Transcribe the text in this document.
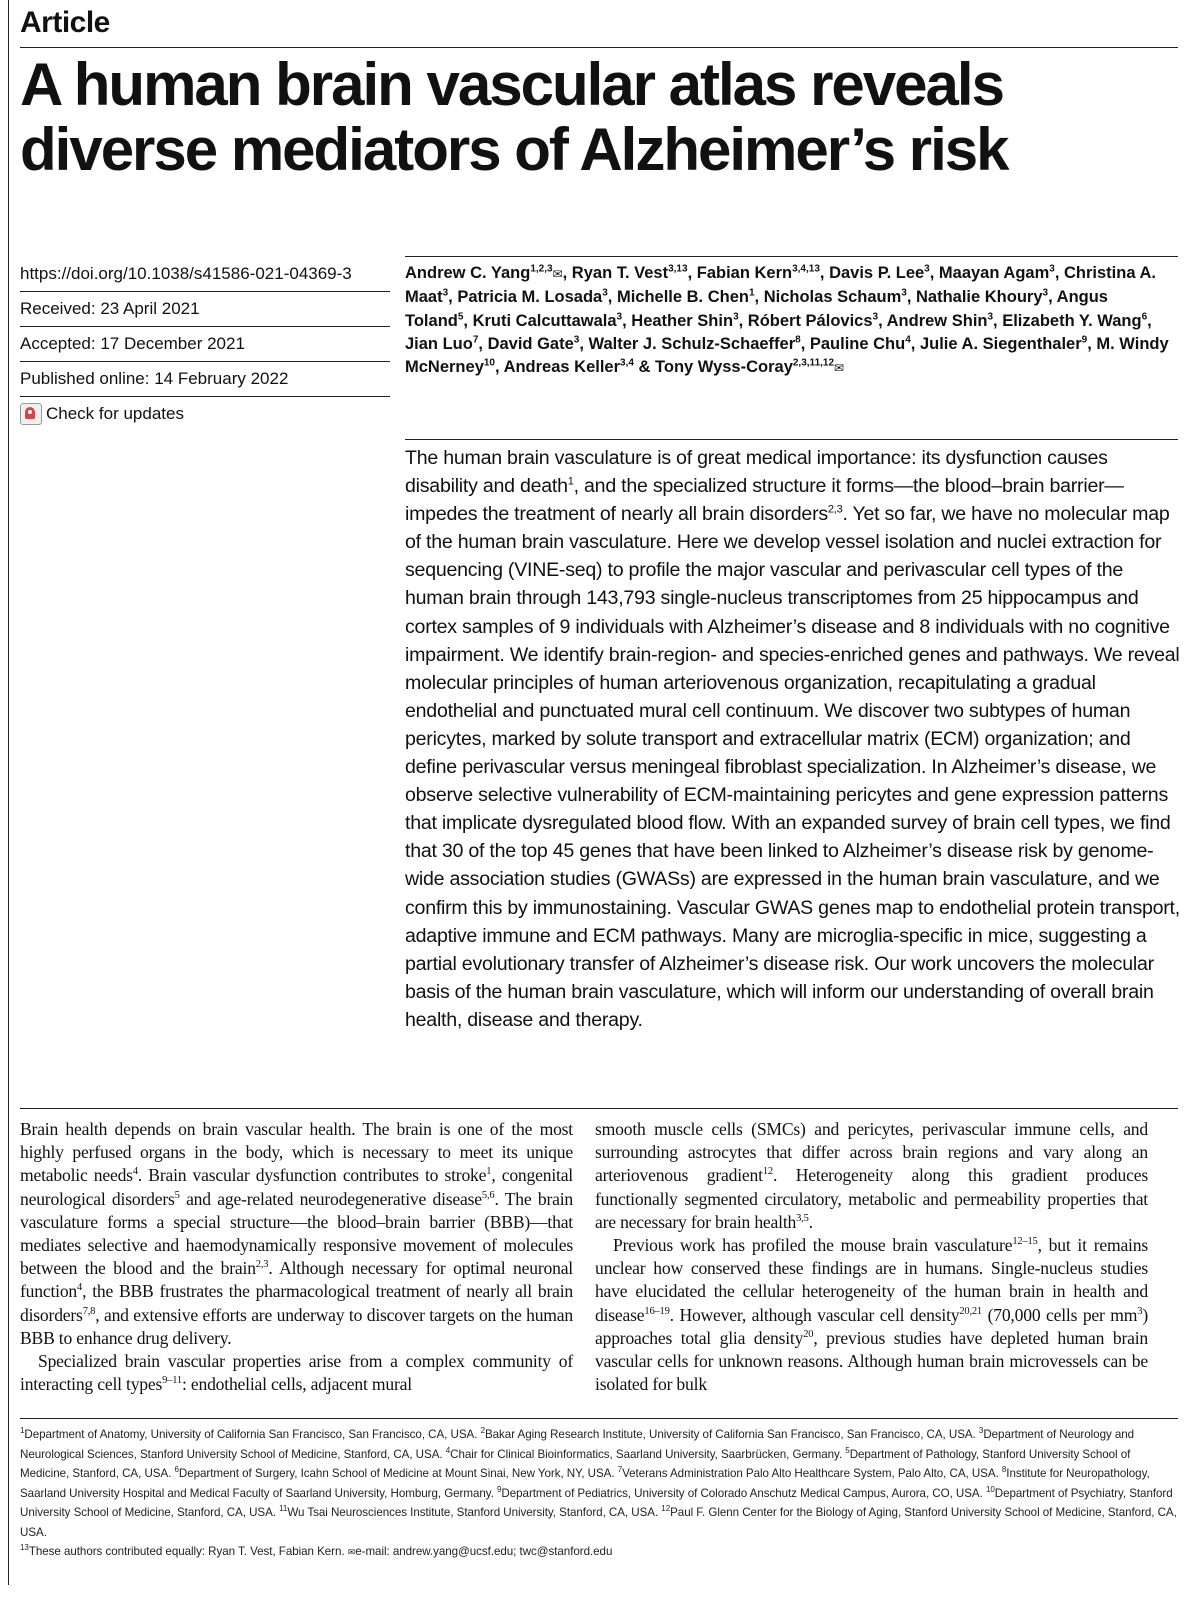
Article
A human brain vascular atlas reveals diverse mediators of Alzheimer’s risk
https://doi.org/10.1038/s41586-021-04369-3
Received: 23 April 2021
Accepted: 17 December 2021
Published online: 14 February 2022
Check for updates
Andrew C. Yang$^{1,2,3}$✉, Ryan T. Vest$^{3,13}$, Fabian Kern$^{3,4,13}$, Davis P. Lee$^3$, Maayan Agam$^3$, Christina A. Maat$^3$, Patricia M. Losada$^3$, Michelle B. Chen$^1$, Nicholas Schaum$^3$, Nathalie Khoury$^3$, Angus Toland$^5$, Kruti Calcuttawala$^3$, Heather Shin$^3$, Róbert Pálovics$^3$, Andrew Shin$^3$, Elizabeth Y. Wang$^6$, Jian Luo$^7$, David Gate$^3$, Walter J. Schulz-Schaeffer$^8$, Pauline Chu$^4$, Julie A. Siegenthaler$^9$, M. Windy McNerney$^{10}$, Andreas Keller$^{3,4}$ & Tony Wyss-Coray$^{2,3,11,12}$✉
The human brain vasculature is of great medical importance: its dysfunction causes disability and death$^1$, and the specialized structure it forms—the blood–brain barrier—impedes the treatment of nearly all brain disorders$^{2,3}$. Yet so far, we have no molecular map of the human brain vasculature. Here we develop vessel isolation and nuclei extraction for sequencing (VINE-seq) to profile the major vascular and perivascular cell types of the human brain through 143,793 single-nucleus transcriptomes from 25 hippocampus and cortex samples of 9 individuals with Alzheimer’s disease and 8 individuals with no cognitive impairment. We identify brain-region- and species-enriched genes and pathways. We reveal molecular principles of human arteriovenous organization, recapitulating a gradual endothelial and punctuated mural cell continuum. We discover two subtypes of human pericytes, marked by solute transport and extracellular matrix (ECM) organization; and define perivascular versus meningeal fibroblast specialization. In Alzheimer’s disease, we observe selective vulnerability of ECM-maintaining pericytes and gene expression patterns that implicate dysregulated blood flow. With an expanded survey of brain cell types, we find that 30 of the top 45 genes that have been linked to Alzheimer’s disease risk by genome-wide association studies (GWASs) are expressed in the human brain vasculature, and we confirm this by immunostaining. Vascular GWAS genes map to endothelial protein transport, adaptive immune and ECM pathways. Many are microglia-specific in mice, suggesting a partial evolutionary transfer of Alzheimer’s disease risk. Our work uncovers the molecular basis of the human brain vasculature, which will inform our understanding of overall brain health, disease and therapy.

Brain health depends on brain vascular health. The brain is one of the most highly perfused organs in the body, which is necessary to meet its unique metabolic needs$^4$. Brain vascular dysfunction contributes to stroke$^1$, congenital neurological disorders$^5$ and age-related neurodegenerative disease$^{5,6}$. The brain vasculature forms a special structure—the blood–brain barrier (BBB)—that mediates selective and haemodynamically responsive movement of molecules between the blood and the brain$^{2,3}$. Although necessary for optimal neuronal function$^4$, the BBB frustrates the pharmacological treatment of nearly all brain disorders$^{7,8}$, and extensive efforts are underway to discover targets on the human BBB to enhance drug delivery.

Specialized brain vascular properties arise from a complex community of interacting cell types$^{9-11}$: endothelial cells, adjacent mural

smooth muscle cells (SMCs) and pericytes, perivascular immune cells, and surrounding astrocytes that differ across brain regions and vary along an arteriovenous gradient$^{12}$. Heterogeneity along this gradient produces functionally segmented circulatory, metabolic and permeability properties that are necessary for brain health$^{3,5}$.

Previous work has profiled the mouse brain vasculature$^{12-15}$, but it remains unclear how conserved these findings are in humans. Single-nucleus studies have elucidated the cellular heterogeneity of the human brain in health and disease$^{16-19}$. However, although vascular cell density$^{20,21}$ (70,000 cells per $mm^3$) approaches total glia density$^{20}$, previous studies have depleted human brain vascular cells for unknown reasons. Although human brain microvessels can be isolated for bulk

$^1$Department of Anatomy, University of California San Francisco, San Francisco, CA, USA. $^2$Bakar Aging Research Institute, University of California San Francisco, San Francisco, CA, USA. $^3$Department of Neurology and Neurological Sciences, Stanford University School of Medicine, Stanford, CA, USA. $^4$Chair for Clinical Bioinformatics, Saarland University, Saarbrücken, Germany. $^5$Department of Pathology, Stanford University School of Medicine, Stanford, CA, USA. $^6$Department of Surgery, Icahn School of Medicine at Mount Sinai, New York, NY, USA. $^7$Veterans Administration Palo Alto Healthcare System, Palo Alto, CA, USA. $^8$Institute for Neuropathology, Saarland University Hospital and Medical Faculty of Saarland University, Homburg, Germany. $^9$Department of Pediatrics, University of Colorado Anschutz Medical Campus, Aurora, CO, USA. $^{10}$Department of Psychiatry, Stanford University School of Medicine, Stanford, CA, USA. $^{11}$Wu Tsai Neurosciences Institute, Stanford University, Stanford, CA, USA. $^{12}$Paul F. Glenn Center for the Biology of Aging, Stanford University School of Medicine, Stanford, CA, USA.
$^{13}$These authors contributed equally: Ryan T. Vest, Fabian Kern. ✉e-mail: andrew.yang@ucsf.edu; twc@stanford.edu
